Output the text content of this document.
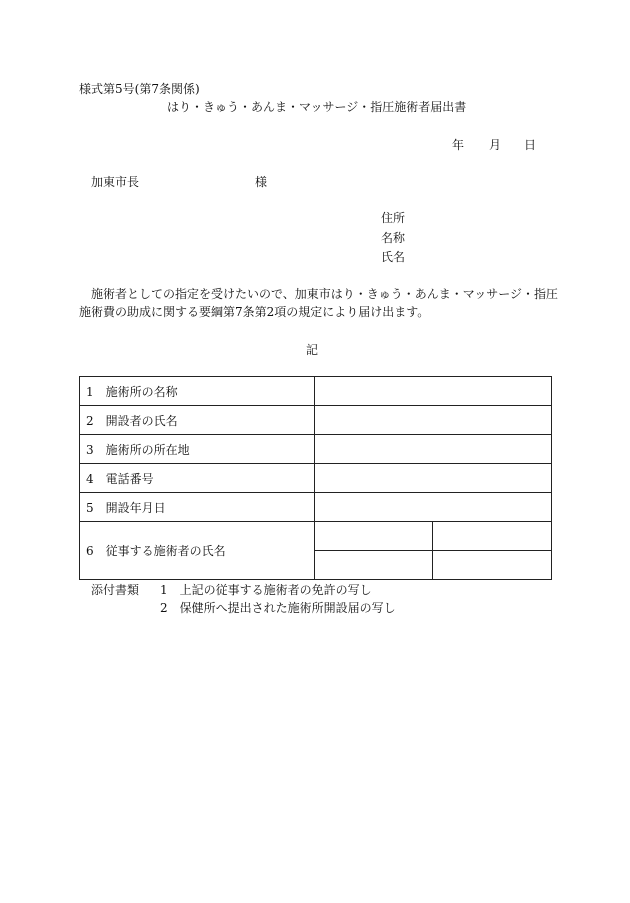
様式第5号(第7条関係)
はり・きゅう・あんま・マッサージ・指圧施術者届出書
年 月 日
加東市長	様
住所
名称
氏名
施術者としての指定を受けたいので、加東市はり・きゅう・あんま・マッサージ・指圧
施術費の助成に関する要綱第7条第2項の規定により届け出ます。
記
1　施術所の名称		
2　開設者の氏名		
3　施術所の所在地		
4　電話番号		
5　開設年月日		
6　従事する施術者の氏名		

添付書類 1　上記の従事する施術者の免許の写し
2　保健所へ提出された施術所開設届の写し
